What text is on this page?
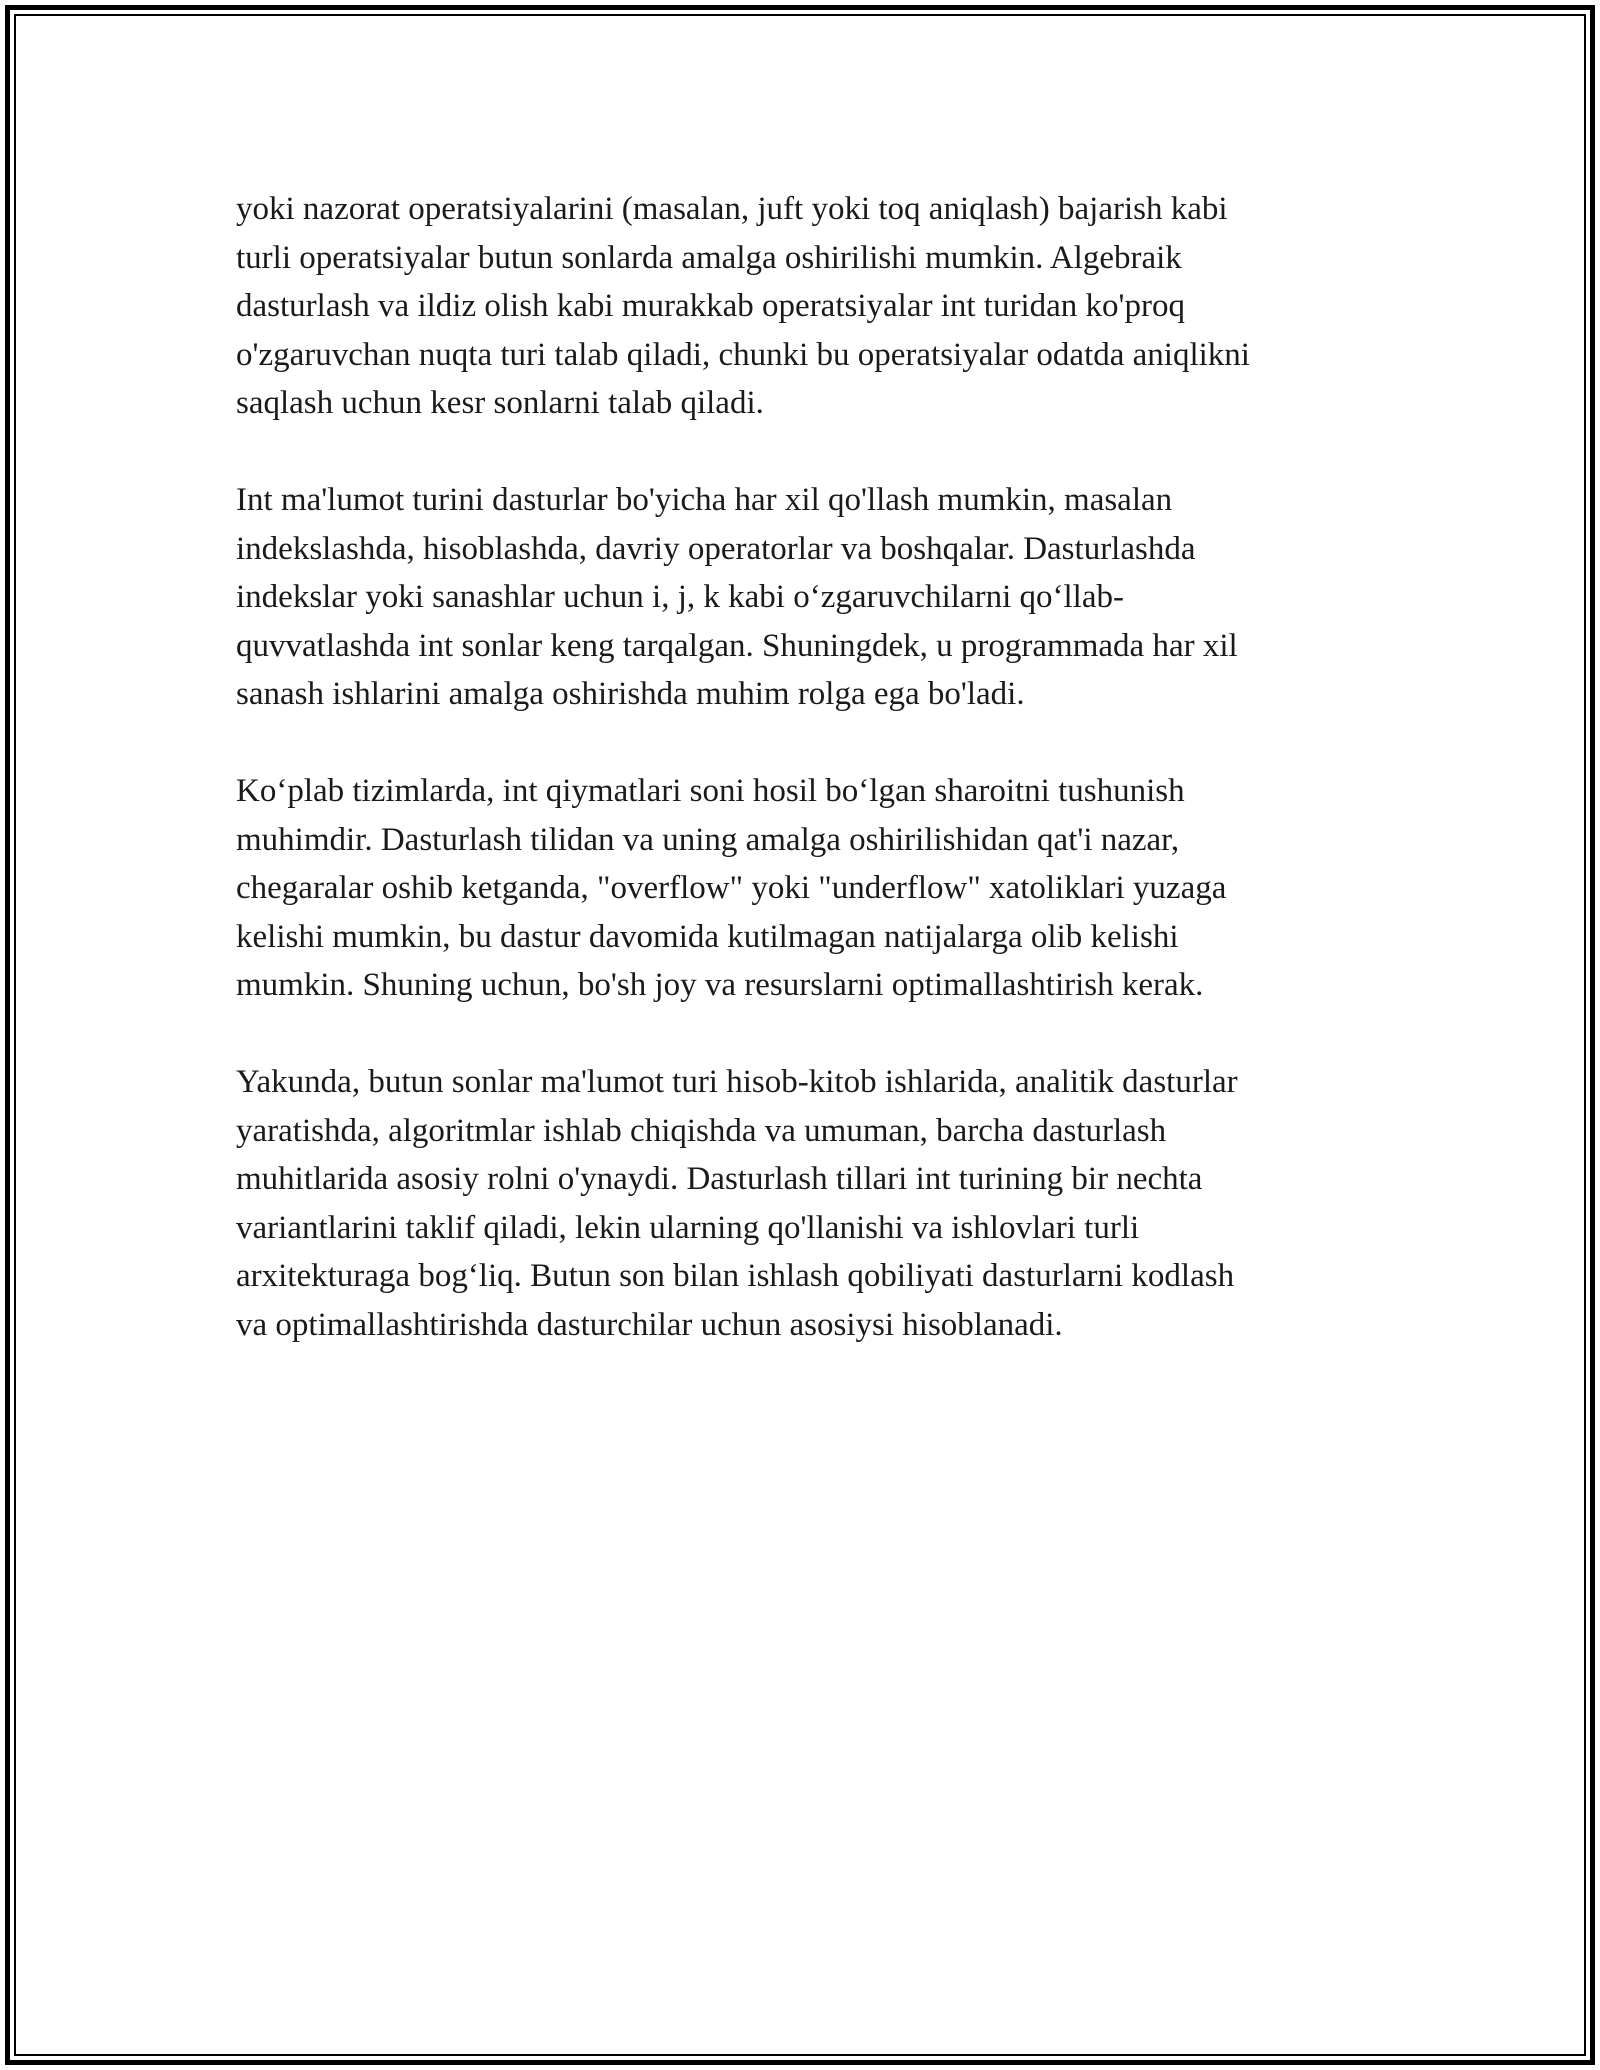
yoki nazorat operatsiyalarini (masalan, juft yoki toq aniqlash) bajarish kabi
turli operatsiyalar butun sonlarda amalga oshirilishi mumkin. Algebraik
dasturlash va ildiz olish kabi murakkab operatsiyalar int turidan ko'proq
o'zgaruvchan nuqta turi talab qiladi, chunki bu operatsiyalar odatda aniqlikni
saqlash uchun kesr sonlarni talab qiladi.

Int ma'lumot turini dasturlar bo'yicha har xil qo'llash mumkin, masalan
indekslashda, hisoblashda, davriy operatorlar va boshqalar. Dasturlashda
indekslar yoki sanashlar uchun i, j, k kabi oʻzgaruvchilarni qoʻllab-
quvvatlashda int sonlar keng tarqalgan. Shuningdek, u programmada har xil
sanash ishlarini amalga oshirishda muhim rolga ega bo'ladi.

Koʻplab tizimlarda, int qiymatlari soni hosil boʻlgan sharoitni tushunish
muhimdir. Dasturlash tilidan va uning amalga oshirilishidan qat'i nazar,
chegaralar oshib ketganda, "overflow" yoki "underflow" xatoliklari yuzaga
kelishi mumkin, bu dastur davomida kutilmagan natijalarga olib kelishi
mumkin. Shuning uchun, bo'sh joy va resurslarni optimallashtirish kerak.

Yakunda, butun sonlar ma'lumot turi hisob-kitob ishlarida, analitik dasturlar
yaratishda, algoritmlar ishlab chiqishda va umuman, barcha dasturlash
muhitlarida asosiy rolni o'ynaydi. Dasturlash tillari int turining bir nechta
variantlarini taklif qiladi, lekin ularning qo'llanishi va ishlovlari turli
arxitekturaga bogʻliq. Butun son bilan ishlash qobiliyati dasturlarni kodlash
va optimallashtirishda dasturchilar uchun asosiysi hisoblanadi.
